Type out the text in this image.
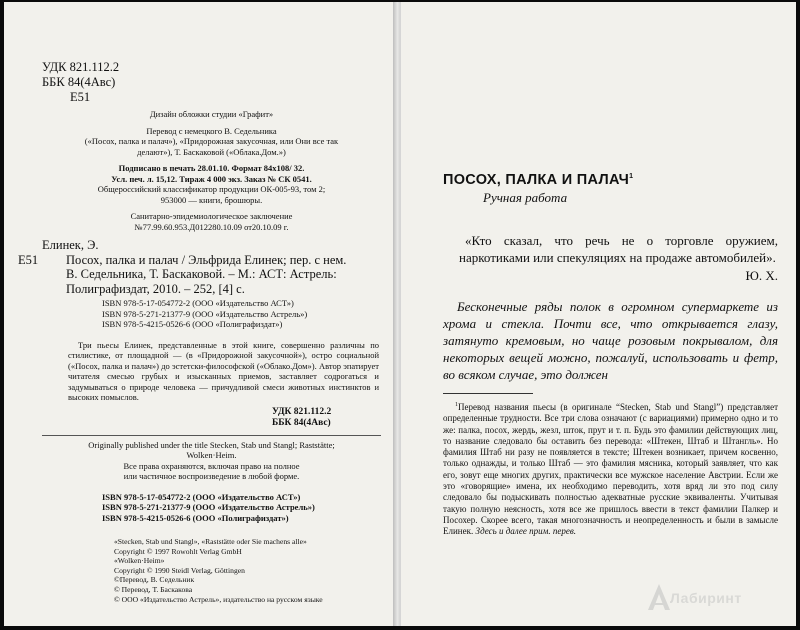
УДК 821.112.2
ББК 84(4Авс)
Е51
Дизайн обложки студии «Графит»
Перевод с немецкого В. Седельника
(«Посох, палка и палач»), «Придорожная закусочная, или Они все так
делают»), Т. Баскаковой («Облака.Дом.»)
Подписано в печать 28.01.10. Формат 84х108/ 32.
Усл. печ. л. 15,12. Тираж 4 000 экз. Заказ № СК 0541.
Общероссийский классификатор продукции ОК-005-93, том 2;
953000 — книги, брошюры.
Санитарно-эпидемиологическое заключение
№77.99.60.953.Д012280.10.09 от20.10.09 г.
Елинек, Э.
Е51 Посох, палка и палач / Эльфрида Елинек; пер. с нем.
В. Седельника, Т. Баскаковой. – М.: АСТ: Астрель:
Полиграфиздат, 2010. – 252, [4] с.
ISBN 978-5-17-054772-2 (ООО «Издательство АСТ»)
ISBN 978-5-271-21377-9 (ООО «Издательство Астрель»)
ISBN 978-5-4215-0526-6 (ООО «Полиграфиздат»)
Три пьесы Елинек, представленные в этой книге, совершенно различны по стилистике, от площадной — (в «Придорожной закусочной»), остро социальной («Посох, палка и палач») до эстетски-философской («Облако.Дом»). Автор эпатирует читателя смесью грубых и изысканных приемов, заставляет содрогаться и задумываться о природе человека — причудливой смеси животных инстинктов и высоких помыслов.
УДК 821.112.2
ББК 84(4Авс)
Originally published under the title Stecken, Stab und Stangl; Raststätte;
Wolken·Heim.
Все права охраняются, включая право на полное
или частичное воспроизведение в любой форме.
ISBN 978-5-17-054772-2 (ООО «Издательство АСТ»)
ISBN 978-5-271-21377-9 (ООО «Издательство Астрель»)
ISBN 978-5-4215-0526-6 (ООО «Полиграфиздат»)
«Stecken, Stab und Stangl», «Raststätte oder Sie machens alle»
Copyright © 1997 Rowohlt Verlag GmbH
«Wolken·Heim»
Copyright © 1990 Steidl Verlag, Göttingen
©Перевод, В. Седельник
© Перевод, Т. Баскакова
© ООО «Издательство Астрель», издательство на русском языке
ПОСОХ, ПАЛКА И ПАЛАЧ$^1$
Ручная работа
«Кто сказал, что речь не о торговле оружием, наркотиками или спекуляциях на продаже автомобилей».
Ю. Х.
Бесконечные ряды полок в огромном супермаркете из хрома и стекла. Почти все, что открывается глазу, затянуто кремовым, но чаще розовым покрывалом, для некоторых вещей можно, пожалуй, использовать и фетр, во всяком случае, это должен
$^1$Перевод названия пьесы (в оригинале “Stecken, Stab und Stangl”) представляет определенные трудности. Все три слова означают (с вариациями) примерно одно и то же: палка, посох, жердь, жезл, шток, прут и т. п. Будь это фамилии действующих лиц, то название следовало бы оставить без перевода: «Штекен, Штаб и Штангль». Но фамилия Штаб ни разу не появляется в тексте; Штекен возникает, причем косвенно, только однажды, и только Штаб — это фамилия мясника, который заявляет, что как его, зовут еще многих других, практически все мужское население Австрии. Если же это «говорящие» имена, их необходимо переводить, хотя вряд ли это под силу следовало бы подыскивать полностью адекватные русские эквиваленты. Учитывая такую полную неясность, хотя все же пришлось ввести в текст фамилии Палкер и Посохер. Скорее всего, такая многозначность и неопределенность и были в замысле Елинек. Здесь и далее прим. перев.
Лабиринт
